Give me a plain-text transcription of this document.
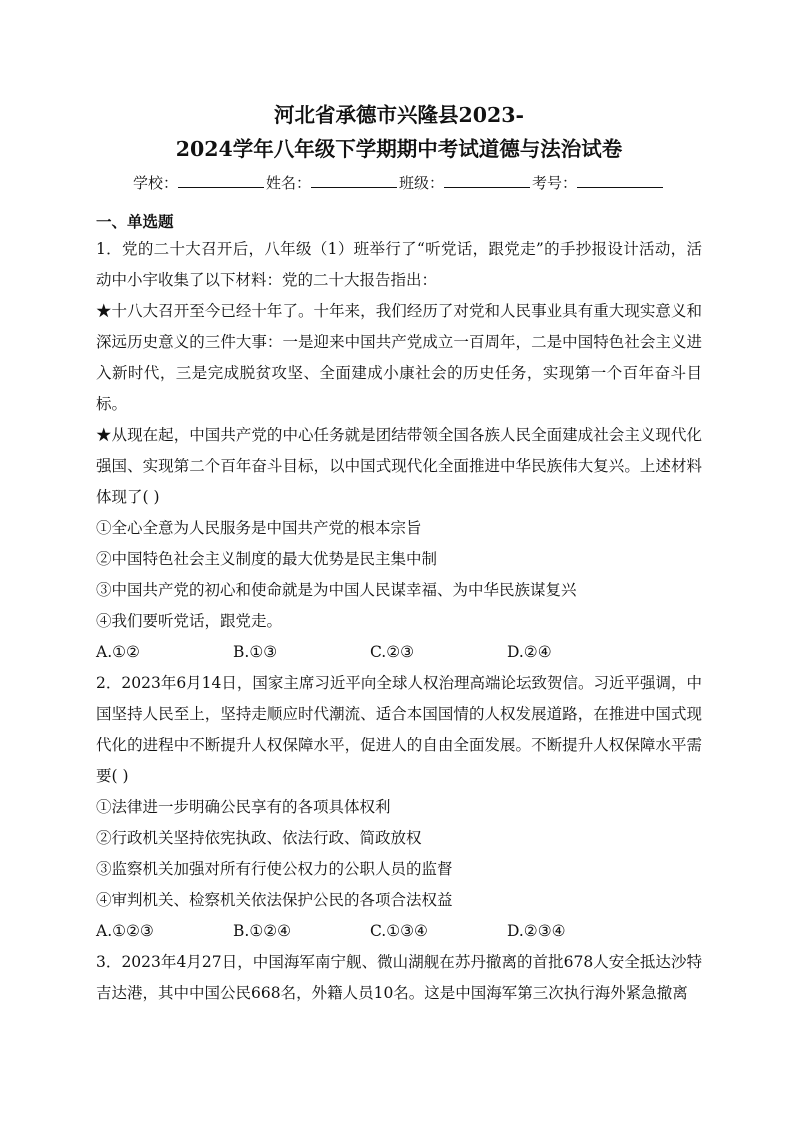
河北省承德市兴隆县2023-
2024学年八年级下学期期中考试道德与法治试卷
学校：	姓名：	班级：	考号：
一、单选题

1．党的二十大召开后，八年级（1）班举行了“听党话，跟党走”的手抄报设计活动，活动中小宇收集了以下材料：党的二十大报告指出：

★十八大召开至今已经十年了。十年来，我们经历了对党和人民事业具有重大现实意义和深远历史意义的三件大事：一是迎来中国共产党成立一百周年，二是中国特色社会主义进入新时代，三是完成脱贫攻坚、全面建成小康社会的历史任务，实现第一个百年奋斗目标。

★从现在起，中国共产党的中心任务就是团结带领全国各族人民全面建成社会主义现代化强国、实现第二个百年奋斗目标，以中国式现代化全面推进中华民族伟大复兴。上述材料体现了( )

①全心全意为人民服务是中国共产党的根本宗旨

②中国特色社会主义制度的最大优势是民主集中制

③中国共产党的初心和使命就是为中国人民谋幸福、为中华民族谋复兴

④我们要听党话，跟党走。

A.①②	B.①③	C.②③	D.②④

2．2023年6月14日，国家主席习近平向全球人权治理高端论坛致贺信。习近平强调，中国坚持人民至上，坚持走顺应时代潮流、适合本国国情的人权发展道路，在推进中国式现代化的进程中不断提升人权保障水平，促进人的自由全面发展。不断提升人权保障水平需要( )

①法律进一步明确公民享有的各项具体权利

②行政机关坚持依宪执政、依法行政、简政放权

③监察机关加强对所有行使公权力的公职人员的监督

④审判机关、检察机关依法保护公民的各项合法权益

A.①②③	B.①②④	C.①③④	D.②③④

3．2023年4月27日，中国海军南宁舰、微山湖舰在苏丹撤离的首批678人安全抵达沙特吉达港，其中中国公民668名，外籍人员10名。这是中国海军第三次执行海外紧急撤离
